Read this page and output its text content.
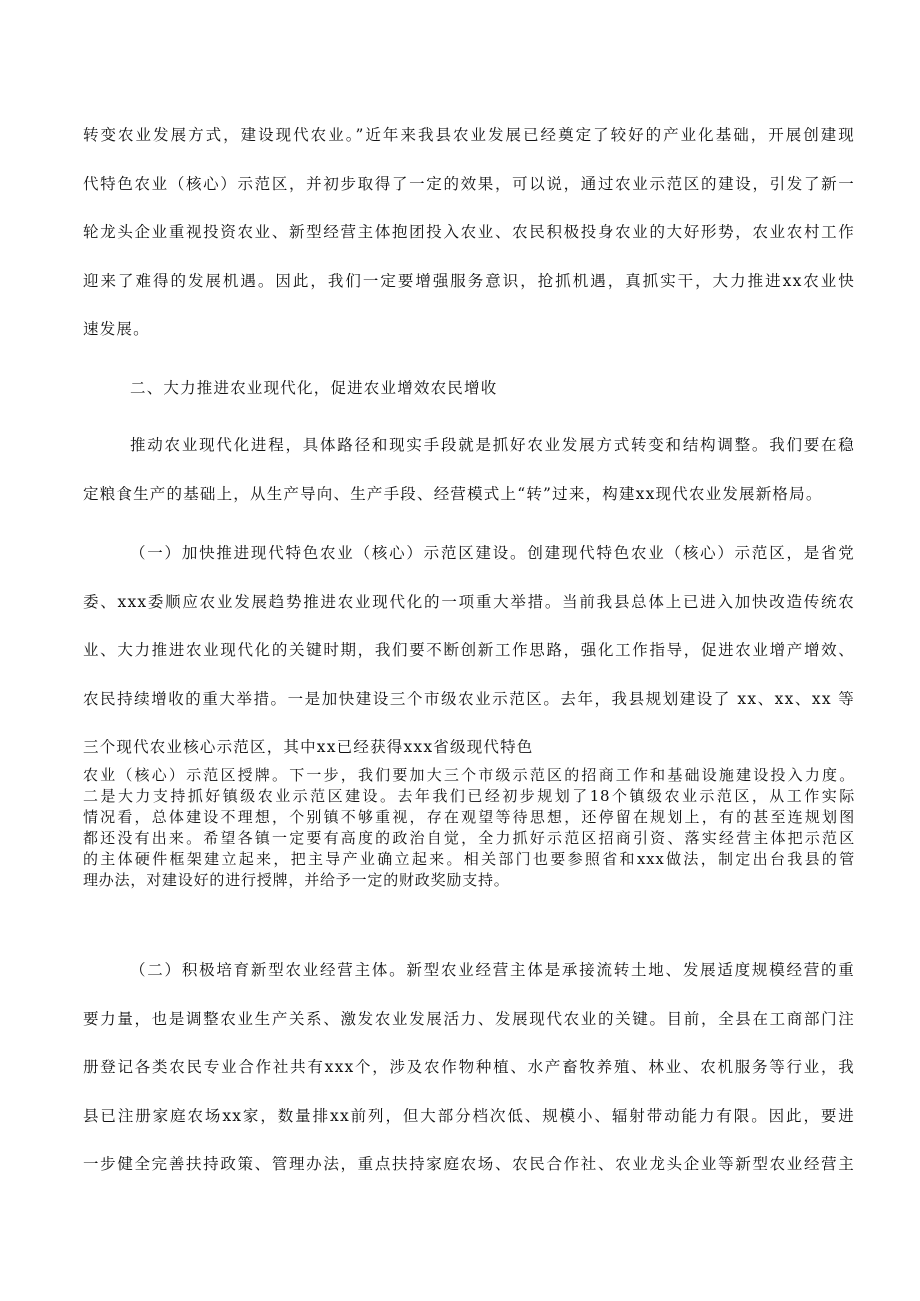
转变农业发展方式，建设现代农业。”近年来我县农业发展已经奠定了较好的产业化基础，开展创建现
代特色农业（核心）示范区，并初步取得了一定的效果，可以说，通过农业示范区的建设，引发了新一
轮龙头企业重视投资农业、新型经营主体抱团投入农业、农民积极投身农业的大好形势，农业农村工作
迎来了难得的发展机遇。因此，我们一定要增强服务意识，抢抓机遇，真抓实干，大力推进xx农业快
速发展。
二、大力推进农业现代化，促进农业增效农民增收
推动农业现代化进程，具体路径和现实手段就是抓好农业发展方式转变和结构调整。我们要在稳
定粮食生产的基础上，从生产导向、生产手段、经营模式上“转”过来，构建xx现代农业发展新格局。
（一）加快推进现代特色农业（核心）示范区建设。创建现代特色农业（核心）示范区，是省党
委、xxx委顺应农业发展趋势推进农业现代化的一项重大举措。当前我县总体上已进入加快改造传统农
业、大力推进农业现代化的关键时期，我们要不断创新工作思路，强化工作指导，促进农业增产增效、
农民持续增收的重大举措。一是加快建设三个市级农业示范区。去年，我县规划建设了 xx、xx、xx 等
三个现代农业核心示范区，其中xx已经获得xxx省级现代特色
农业（核心）示范区授牌。下一步，我们要加大三个市级示范区的招商工作和基础设施建设投入力度。
二是大力支持抓好镇级农业示范区建设。去年我们已经初步规划了18个镇级农业示范区，从工作实际
情况看，总体建设不理想，个别镇不够重视，存在观望等待思想，还停留在规划上，有的甚至连规划图
都还没有出来。希望各镇一定要有高度的政治自觉，全力抓好示范区招商引资、落实经营主体把示范区
的主体硬件框架建立起来，把主导产业确立起来。相关部门也要参照省和xxx做法，制定出台我县的管
理办法，对建设好的进行授牌，并给予一定的财政奖励支持。
（二）积极培育新型农业经营主体。新型农业经营主体是承接流转土地、发展适度规模经营的重
要力量，也是调整农业生产关系、激发农业发展活力、发展现代农业的关键。目前，全县在工商部门注
册登记各类农民专业合作社共有xxx个，涉及农作物种植、水产畜牧养殖、林业、农机服务等行业，我
县已注册家庭农场xx家，数量排xx前列，但大部分档次低、规模小、辐射带动能力有限。因此，要进
一步健全完善扶持政策、管理办法，重点扶持家庭农场、农民合作社、农业龙头企业等新型农业经营主
